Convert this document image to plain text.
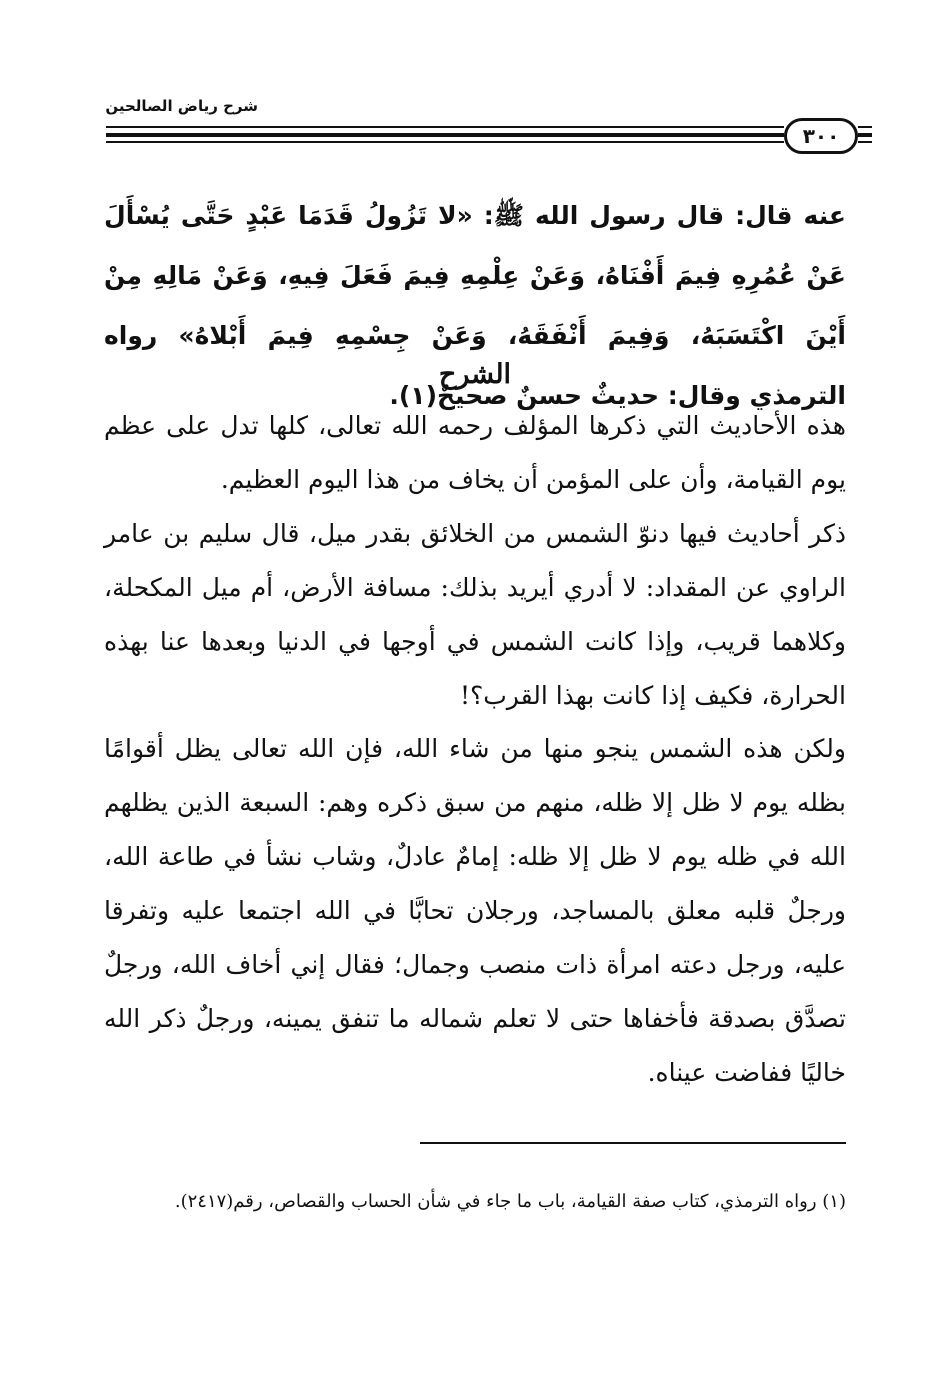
شرح رياض الصالحين
٣٠٠
عنه قال: قال رسول الله ﷺ: «لا تَزُولُ قَدَمَا عَبْدٍ حَتَّى يُسْأَلَ عَنْ عُمُرِهِ فِيمَ أَفْنَاهُ، وَعَنْ عِلْمِهِ فِيمَ فَعَلَ فِيهِ، وَعَنْ مَالِهِ مِنْ أَيْنَ اكْتَسَبَهُ، وَفِيمَ أَنْفَقَهُ، وَعَنْ جِسْمِهِ فِيمَ أَبْلاهُ» رواه الترمذي وقال: حديثٌ حسنٌ صحيحٌ(١).
الشرح

هذه الأحاديث التي ذكرها المؤلف رحمه الله تعالى، كلها تدل على عظم يوم القيامة، وأن على المؤمن أن يخاف من هذا اليوم العظيم.

ذكر أحاديث فيها دنوّ الشمس من الخلائق بقدر ميل، قال سليم بن عامر الراوي عن المقداد: لا أدري أيريد بذلك: مسافة الأرض، أم ميل المكحلة، وكلاهما قريب، وإذا كانت الشمس في أوجها في الدنيا وبعدها عنا بهذه الحرارة، فكيف إذا كانت بهذا القرب؟!

ولكن هذه الشمس ينجو منها من شاء الله، فإن الله تعالى يظل أقوامًا بظله يوم لا ظل إلا ظله، منهم من سبق ذكره وهم: السبعة الذين يظلهم الله في ظله يوم لا ظل إلا ظله: إمامٌ عادلٌ، وشاب نشأ في طاعة الله، ورجلٌ قلبه معلق بالمساجد، ورجلان تحابَّا في الله اجتمعا عليه وتفرقا عليه، ورجل دعته امرأة ذات منصب وجمال؛ فقال إني أخاف الله، ورجلٌ تصدَّق بصدقة فأخفاها حتى لا تعلم شماله ما تنفق يمينه، ورجلٌ ذكر الله خاليًا ففاضت عيناه.

(١) رواه الترمذي، كتاب صفة القيامة، باب ما جاء في شأن الحساب والقصاص، رقم(٢٤١٧).
